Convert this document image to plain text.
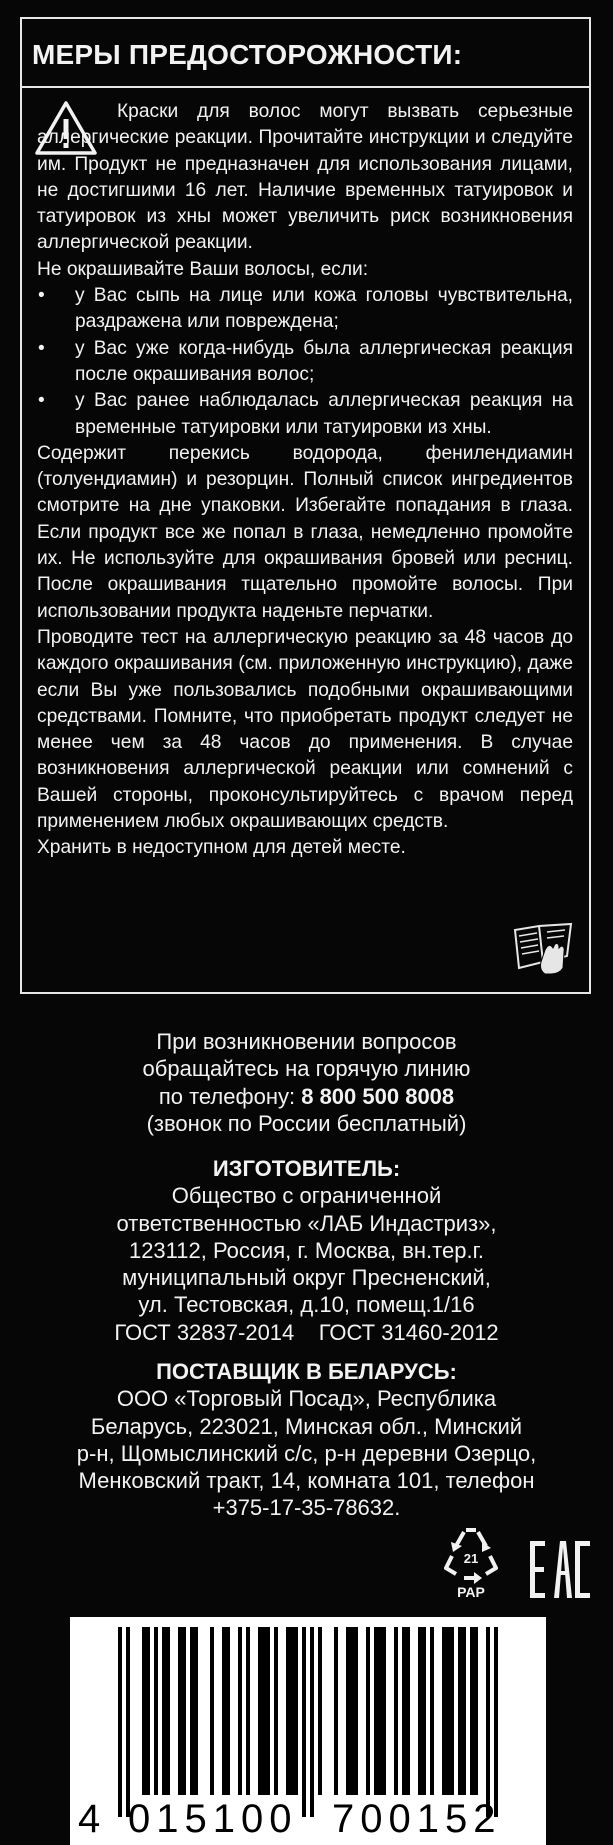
МЕРЫ ПРЕДОСТОРОЖНОСТИ:

Краски для волос могут вызвать серьезные аллергические реакции. Прочитайте инструкции и следуйте им. Продукт не предназначен для использования лицами, не достигшими 16 лет. Наличие временных татуировок и татуировок из хны может увеличить риск возникновения аллергической реакции.

Не окрашивайте Ваши волосы, если:

• у Вас сыпь на лице или кожа головы чувствительна, раздражена или повреждена;
• у Вас уже когда-нибудь была аллергическая реакция после окрашивания волос;
• у Вас ранее наблюдалась аллергическая реакция на временные татуировки или татуировки из хны.

Содержит перекись водорода, фенилендиамин (толуендиамин) и резорцин. Полный список ингредиентов смотрите на дне упаковки. Избегайте попадания в глаза. Если продукт все же попал в глаза, немедленно промойте их. Не используйте для окрашивания бровей или ресниц. После окрашивания тщательно промойте волосы. При использовании продукта наденьте перчатки.

Проводите тест на аллергическую реакцию за 48 часов до каждого окрашивания (см. приложенную инструкцию), даже если Вы уже пользовались подобными окрашивающими средствами. Помните, что приобретать продукт следует не менее чем за 48 часов до применения. В случае возникновения аллергической реакции или сомнений с Вашей стороны, проконсультируйтесь с врачом перед применением любых окрашивающих средств.

Хранить в недоступном для детей месте.

При возникновении вопросов
обращайтесь на горячую линию
по телефону: 8 800 500 8008
(звонок по России бесплатный)

ИЗГОТОВИТЕЛЬ:
Общество с ограниченной
ответственностью «ЛАБ Индастриз»,
123112, Россия, г. Москва, вн.тер.г.
муниципальный округ Пресненский,
ул. Тестовская, д.10, помещ.1/16
ГОСТ 32837-2014    ГОСТ 31460-2012

ПОСТАВЩИК В БЕЛАРУСЬ:
ООО «Торговый Посад», Республика
Беларусь, 223021, Минская обл., Минский
р-н, Щомыслинский с/с, р-н деревни Озерцо,
Менковский тракт, 14, комната 101, телефон
+375-17-35-78632.

21
PAP
4 015100 700152
